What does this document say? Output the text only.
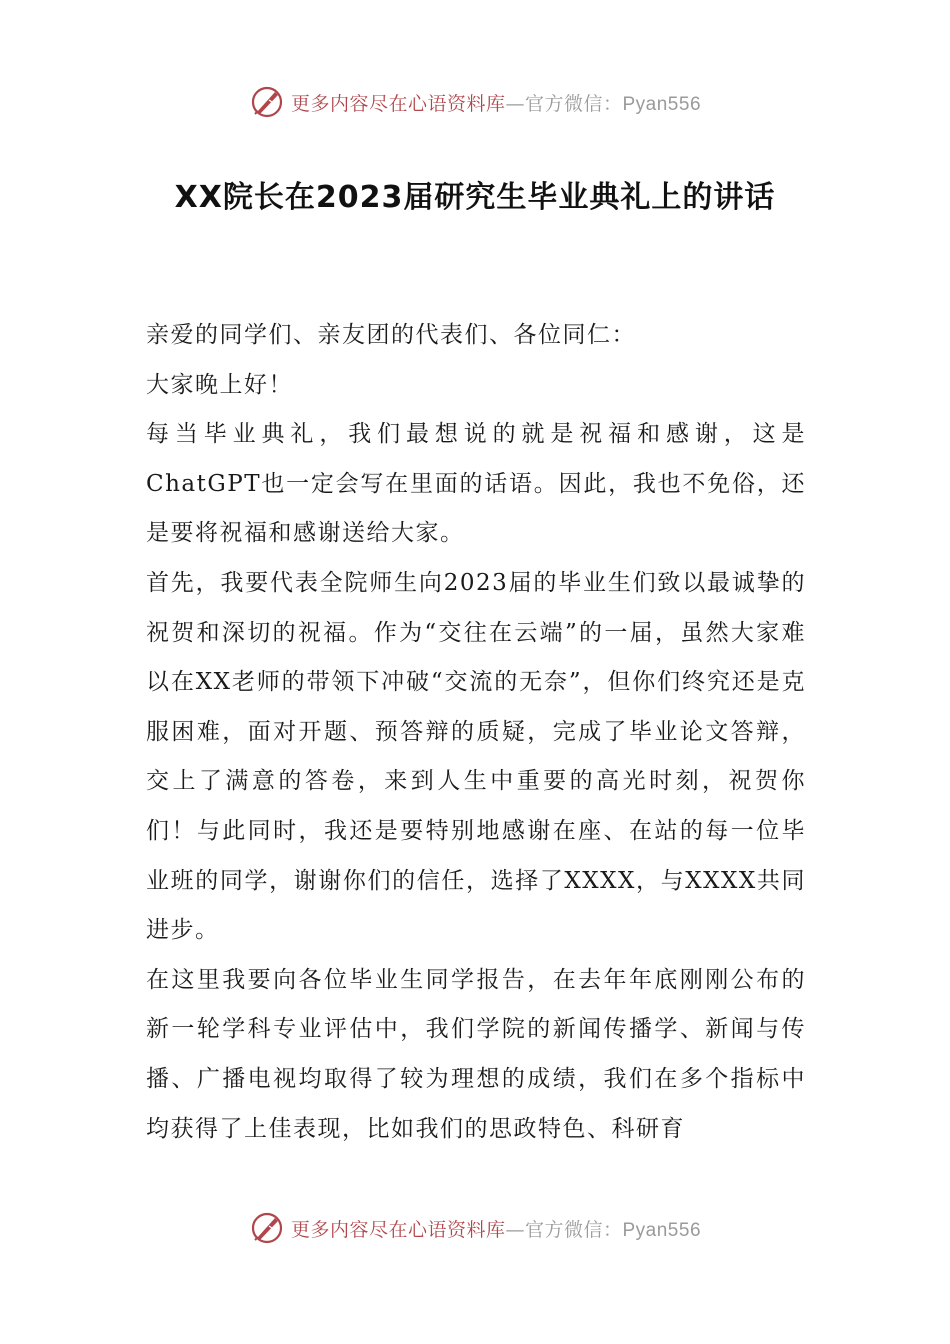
更多内容尽在心语资料库—官方微信：Pyan556
XX院长在2023届研究生毕业典礼上的讲话

亲爱的同学们、亲友团的代表们、各位同仁：

大家晚上好！

每当毕业典礼，我们最想说的就是祝福和感谢，这是ChatGPT也一定会写在里面的话语。因此，我也不免俗，还是要将祝福和感谢送给大家。

首先，我要代表全院师生向2023届的毕业生们致以最诚挚的祝贺和深切的祝福。作为“交往在云端”的一届，虽然大家难以在XX老师的带领下冲破“交流的无奈”，但你们终究还是克服困难，面对开题、预答辩的质疑，完成了毕业论文答辩，交上了满意的答卷，来到人生中重要的高光时刻，祝贺你们！与此同时，我还是要特别地感谢在座、在站的每一位毕业班的同学，谢谢你们的信任，选择了XXXX，与XXXX共同进步。

在这里我要向各位毕业生同学报告，在去年年底刚刚公布的新一轮学科专业评估中，我们学院的新闻传播学、新闻与传播、广播电视均取得了较为理想的成绩，我们在多个指标中均获得了上佳表现，比如我们的思政特色、科研育

更多内容尽在心语资料库—官方微信：Pyan556
